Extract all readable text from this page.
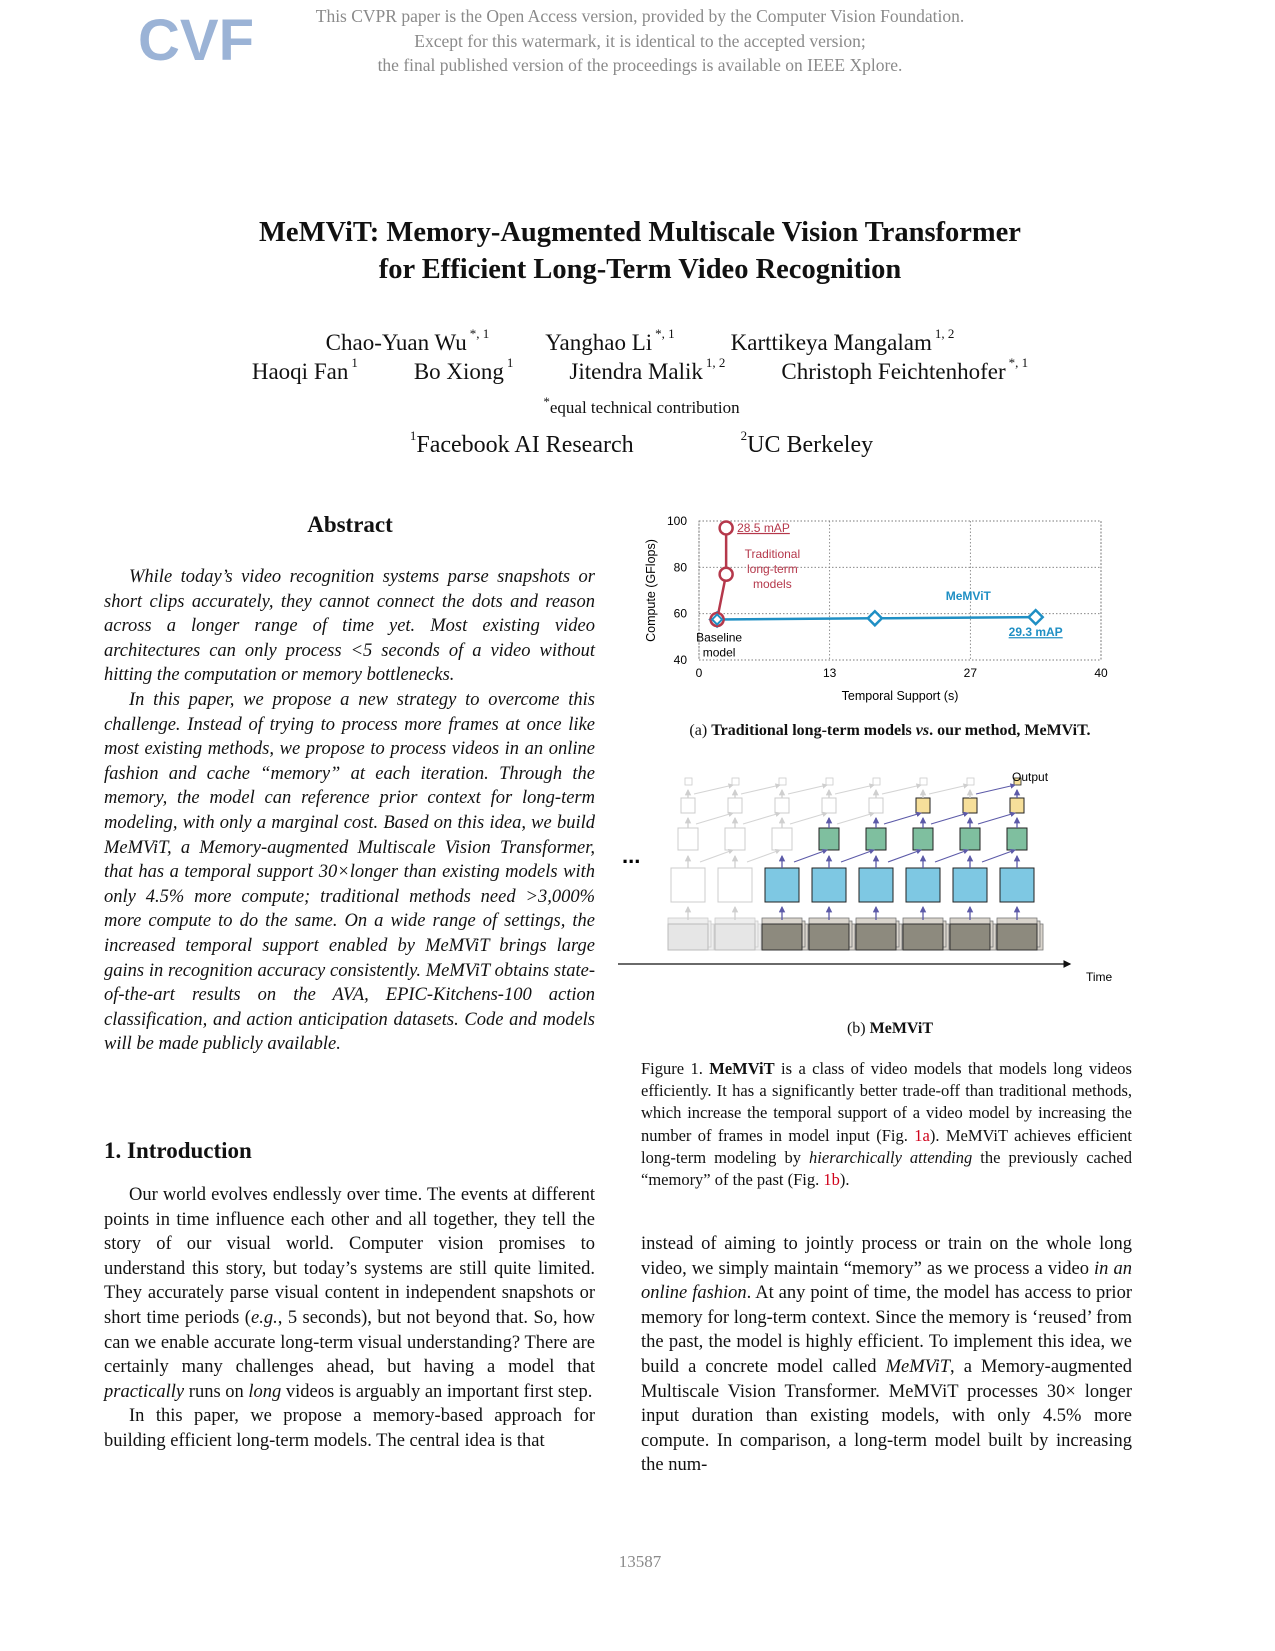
CVF	This CVPR paper is the Open Access version, provided by the Computer Vision Foundation.
Except for this watermark, it is identical to the accepted version;
the final published version of the proceedings is available on IEEE Xplore.
MeMViT: Memory-Augmented Multiscale Vision Transformer
for Efficient Long-Term Video Recognition
Chao-Yuan Wu $^{*, 1}$ Yanghao Li $^{*, 1}$ Karttikeya Mangalam $^{1, 2}$
Haoqi Fan $^1$ Bo Xiong $^1$ Jitendra Malik $^{1, 2}$ Christoph Feichtenhofer $^{*, 1}$
*equal technical contribution
$^1$Facebook AI Research	$^2$UC Berkeley
Abstract

While today’s video recognition systems parse snapshots or short clips accurately, they cannot connect the dots and reason across a longer range of time yet. Most existing video architectures can only process <5 seconds of a video without hitting the computation or memory bottlenecks.

In this paper, we propose a new strategy to overcome this challenge. Instead of trying to process more frames at once like most existing methods, we propose to process videos in an online fashion and cache “memory” at each iteration. Through the memory, the model can reference prior context for long-term modeling, with only a marginal cost. Based on this idea, we build MeMViT, a Memory-augmented Multiscale Vision Transformer, that has a temporal support 30×longer than existing models with only 4.5% more compute; traditional methods need >3,000% more compute to do the same. On a wide range of settings, the increased temporal support enabled by MeMViT brings large gains in recognition accuracy consistently. MeMViT obtains state-of-the-art results on the AVA, EPIC-Kitchens-100 action classification, and action anticipation datasets. Code and models will be made publicly available.

1. Introduction

Our world evolves endlessly over time. The events at different points in time influence each other and all together, they tell the story of our visual world. Computer vision promises to understand this story, but today’s systems are still quite limited. They accurately parse visual content in independent snapshots or short time periods (e.g., 5 seconds), but not beyond that. So, how can we enable accurate long-term visual understanding? There are certainly many challenges ahead, but having a model that practically runs on long videos is arguably an important first step.

In this paper, we propose a memory-based approach for building efficient long-term models. The central idea is that

0	13	27	40
40
60
80
100
Temporal Support (s)
Compute (GFlops)
28.5 mAP
Traditional
long-term
models
MeMViT
29.3 mAP
Baseline
model
(a) Traditional long-term models vs. our method, MeMViT.
Output
Time
...
(b) MeMViT
Figure 1. MeMViT is a class of video models that models long videos efficiently. It has a significantly better trade-off than traditional methods, which increase the temporal support of a video model by increasing the number of frames in model input (Fig. 1a). MeMViT achieves efficient long-term modeling by hierarchically attending the previously cached “memory” of the past (Fig. 1b).

instead of aiming to jointly process or train on the whole long video, we simply maintain “memory” as we process a video in an online fashion. At any point of time, the model has access to prior memory for long-term context. Since the memory is ‘reused’ from the past, the model is highly efficient. To implement this idea, we build a concrete model called MeMViT, a Memory-augmented Multiscale Vision Transformer. MeMViT processes 30× longer input duration than existing models, with only 4.5% more compute. In comparison, a long-term model built by increasing the num-

13587
